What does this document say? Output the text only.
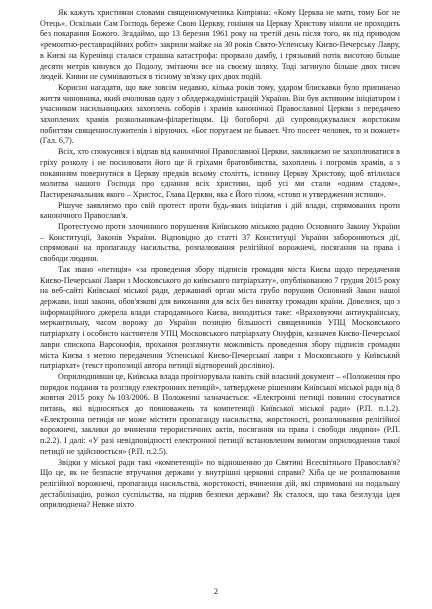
Як кажуть християни словами священномученика Кипріяна: «Кому Церква не мати, тому Бог не Отець». Оскільки Сам Господь береже Свою Церкву, гоніння на Церкву Христову ніколи не проходить без покарання Божого. Згадаймо, що 13 березня 1961 року на третій день після того, як під приводом «ремонтно-реставраційних робіт» закрили майже на 30 років Свято-Успенську Києво-Печерську Лавру, в Києві на Куренівці сталася страшна катастрофа: прорвало дамбу, і грязьовий потік висотою більше десяти метрів кинувся до Подолу, змітаючи все на своєму шляху. Тоді загинуло більше двох тисяч людей. Кияни не сумніваються в тісному зв'язку цих двох подій.

Корисно нагадати, що вже зовсім недавно, кілька років тому, ударом блискавки було припинено життя чиновника, який очолював одну з облдержадміністрацій України. Він був активним ініціатором і учасником насильницьких захоплень соборів і храмів канонічної Православної Церкви з передачею захоплених храмів розкольникам-філаретівцям. Ці богоборчі дії супроводжувалися жорстоким побиттям священнослужителів і віруючих. «Бог поругаем не бывает. Что посеет человек, то и пожнет» (Гал. 6,7).

Всіх, хто спокусився і відпав від канонічної Православної Церкви, закликаємо не захоплюватися в гріху розколу і не посилювати його ще й гріхами братовбивства, захоплень і погромів храмів, а з покаянням повернутися в Церкву предків всьому столітть, істинну Церкву Христову, щоб втілилася молитва нашого Господа про єднання всіх християн, щоб усі ми стали «одним стадом», Пастиреначальник якого – Христос, Глава Церкви, яка є Його тілом, «стовп и утвердження истини».

Рішуче заявляємо про свій протест проти будь-яких ініціатив і дій влади, спрямованих проти канонічного Православ'я.

Протестуємо проти злочинного порушення Київською міською радою Основного Закону України – Конституції, Законів України. Відповідно до статті 37 Конституції України забороняються дії, спрямовані на пропаганду насильства, розпалювання релігійної ворожнечі, посягання на права і свободи людини.

Так звано «петиція» «за проведення збору підписів громадян міста Києва щодо передачення Києво-Печерської Лаври з Московського до київського патріархату», опублікованою 7 грудня 2015 року на веб-сайті Київської міської ради, державний орган міста грубо порушив Основний Закон нашої держави, інші закони, обов'язкові для виконання для всіх без винятку громадян країни. Довелися, що з інформаційного джерела влади стародавнього Києва, виходиться таке: «Враховуючи антиукраїнську, меркантильну, часом ворожу до України позицію більшості священників УПЦ Московського патріархату і особисто настоятеля УПЦ Московського патріархату Онуфрія, казначея Києво-Печерської лаври єпископа Варсонофія, прохання розглянути можливість проведення збору підписів громадян міста Києва з метою передачення Успенської Києво-Печерської лаври з Московського у Київський патріархат» (текст пропозиції автора петиції відтворений дослівно).

Оприлюднивши це, Київська влада проігнорувала навіть свій власний документ – «Положення про порядок подання та розгляду електронних петицій», затверджене рішенням Київської міської ради від 8 жовтня 2015 року №103/2006. В Положенні зазначається: «Електронні петиції повинні стосуватися питань, які відносяться до повноважень та компетенції Київської міської ради» (Р.П. п.1.2). «Електронна петиція не може містити пропаганду насильства, жорстокості, розпалювання релігійної ворожнечі, заклики до вчинення терористичних актів, посягання на права і свободи людини» (Р.П. п.2.2). І далі: «У разі невідповідності електронної петиції встановленим вимогам оприлюднення такої петиції не здійснюється» (Р.П. п.2.5).

Звідки у міської ради такі «компетенції» по відношенню до Святині Всесвітнього Православ'я? Що це, як не безпасне втручання держави у внутрішні церковні справи? Хіба це не розпалювання релігійної ворожнечі, пропаганда насильства, жорстокості, вчинення дій, які спрямовані на подальшу дестабілізацію, розкол суспільства, на підрив безпеки держави? Як сталося, що така безглузда ідея оприлюднена? Невже ніхто

2
